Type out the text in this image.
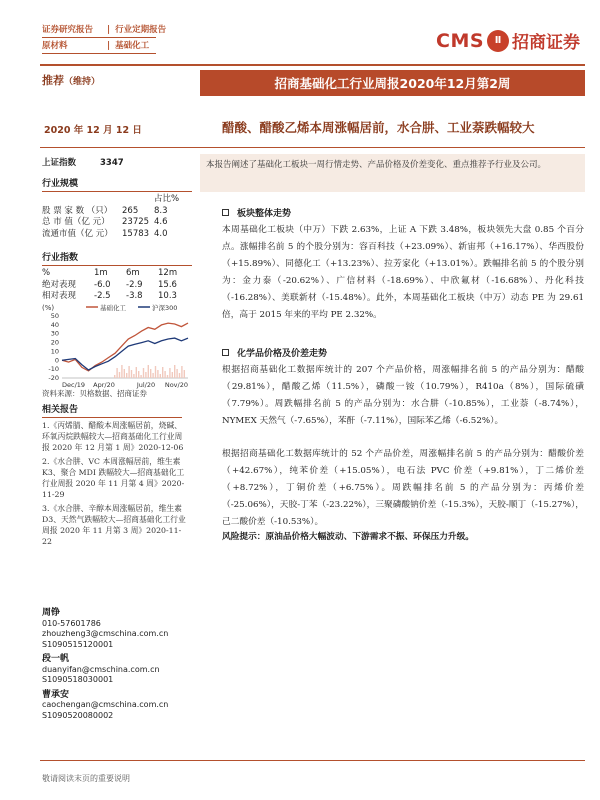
证券研究报告	| 行业定期报告
原材料	| 基础化工	CMS	Ⅱ 招商证券
推荐（维持）	招商基础化工行业周报2020年12月第2周
2020 年 12 月 12 日	醋酸、醋酸乙烯本周涨幅居前，水合肼、工业萘跌幅较大
上证指数	3347
行业规模
占比%
股 票 家 数 （只）	265	8.3
总 市 值（亿 元）	23725 4.6
流通市值（亿 元）	15783 4.0
行业指数
%	1m	6m	12m
绝对表现	-6.0	-2.9	15.6
相对表现	-2.5	-3.8	10.3
(%)	基础化工	沪深300
50
40
30
20
10
0
-10
-20
Dec/19 Apr/20	Jul/20 Nov/20
资料来源：贝格数据、招商证券
相关报告
1.《丙烯腈、醋酸本周涨幅居前，烧碱、环氧丙烷跌幅较大—招商基础化工行业周报 2020 年 12 月第 1 周》2020-12-06
2.《水合肼、VC 本周涨幅居前，维生素 K3、聚合 MDI 跌幅较大—招商基础化工行业周报 2020 年 11 月第 4 周》2020-11-29
3.《水合肼、辛醇本周涨幅居前，维生素 D3、天然气跌幅较大—招商基础化工行业周报 2020 年 11 月第 3 周》2020-11-22
周铮
010-57601786
zhouzheng3@cmschina.com.cn
S1090515120001
段一帆
duanyifan@cmschina.com.cn
S1090518030001
曹承安
caochengan@cmschina.com.cn
S1090520080002
本报告阐述了基础化工板块一周行情走势、产品价格及价差变化、重点推荐予行业及公司。
板块整体走势
本周基础化工板块（中万）下跌 2.63%，上证 A 下跌 3.48%，板块领先大盘 0.85 个百分点。涨幅排名前 5 的个股分别为：容百科技（+23.09%）、新宙邦（+16.17%）、华西股份（+15.89%）、同德化工（+13.23%）、拉芳家化（+13.01%）。跌幅排名前 5 的个股分别为：金力泰（-20.62%）、广信材料（-18.69%）、中欣氟材（-16.68%）、丹化科技（-16.28%）、美联新材（-15.48%）。此外，本周基础化工板块（中万）动态 PE 为 29.61 倍，高于 2015 年来的平均 PE 2.32%。
化学品价格及价差走势
根据招商基础化工数据库统计的 207 个产品价格，周涨幅排名前 5 的产品分别为：醋酸（29.81%），醋酸乙烯（11.5%），磷酸一铵（10.79%），R410a（8%），国际硫磺（7.79%）。周跌幅排名前 5 的产品分别为：水合肼（-10.85%），工业萘（-8.74%），NYMEX 天然气（-7.65%），苯酐（-7.11%），国际苯乙烯（-6.52%）。
根据招商基础化工数据库统计的 52 个产品价差，周涨幅排名前 5 的产品分别为：醋酸价差（+42.67%），纯苯价差（+15.05%），电石法 PVC 价差（+9.81%），丁二烯价差（+8.72%），丁铜价差（+6.75%）。周跌幅排名前 5 的产品分别为：丙烯价差（-25.06%），天胶-丁苯（-23.22%），三聚磷酸钠价差（-15.3%），天胶-顺丁（-15.27%），己二酸价差（-10.53%）。
风险提示：原油品价格大幅波动、下游需求不振、环保压力升级。
敬请阅读末页的重要说明
